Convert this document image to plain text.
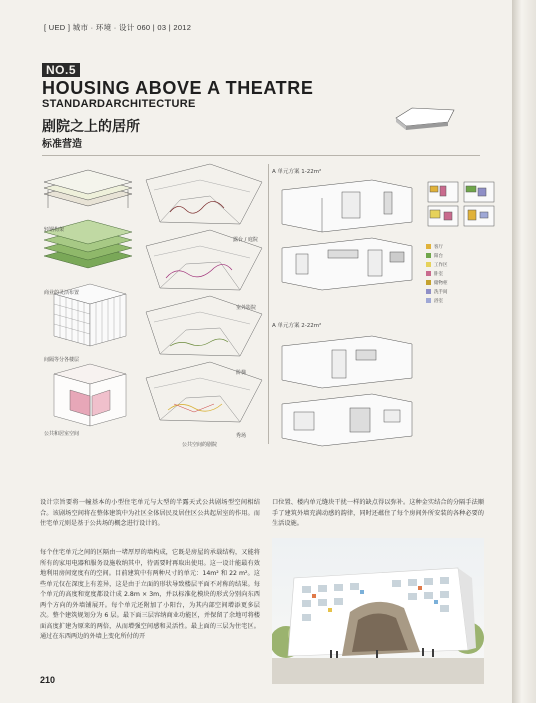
[ UED ] 城市 · 环境 · 设计 060 | 03 | 2012
NO.5
HOUSING ABOVE A THEATRE
STANDARDARCHITECTURE
剧院之上的居所
标准营造
轻钢构架
商业的灵活布置
间隔等分各楼层
公共和居室空间
露台 / 庭院
室外影院
阶梯
秀场
公共空间的剧院
A 单元方案 1-22m²
A 单元方案 2-22m²
客厅
阳台
工作区
卧室
储物柜
洗手间
浴室
设计宗旨要将一幢基本的小型住宅单元与大型的半露天式公共剧场型空间相结合。该剧场空间将在整体建筑中为社区全体居民及居住区公共起居室的作用。而住宅单元则是基于公共场的概念进行设计的。
口位置、楼内单元缝块干扰一样的缺点得以弥补。这种金实结合的分隔手法顺手了建筑外墙充满动感的韵律，同时还蕴住了每个房间外所安装的各种必要的生活设施。
每个住宅单元之间的区隔由一堵厚厚的墙构成，它既是房屋的承载结构，又能将所有的家用电器和服务设施收纳其中，待需要时再取出使用。这一设计能最有效地利用房间宽度有的空间。目前建筑中有两种尺寸的单元：14m² 和 22 m²。这些单元仅在深度上有差异，这是由于立面的形状导致楼层平面不对称的结果。每个单元的高度和宽度都设计成 2.8m × 3m，并以标准化模块的形式分别向东西两个方向的外墙铺展开。每个单元还附加了小阳台，为其内部空间增添更多层次。整个建筑规划分为 6 层。最下面三层容纳商业功能区，并保留了余地可将楼面高度扩建为原来的两倍，从而增强空间感和灵活性。最上面的三层为住宅区。通过在东西两边的外墙上变化所付的开
210
